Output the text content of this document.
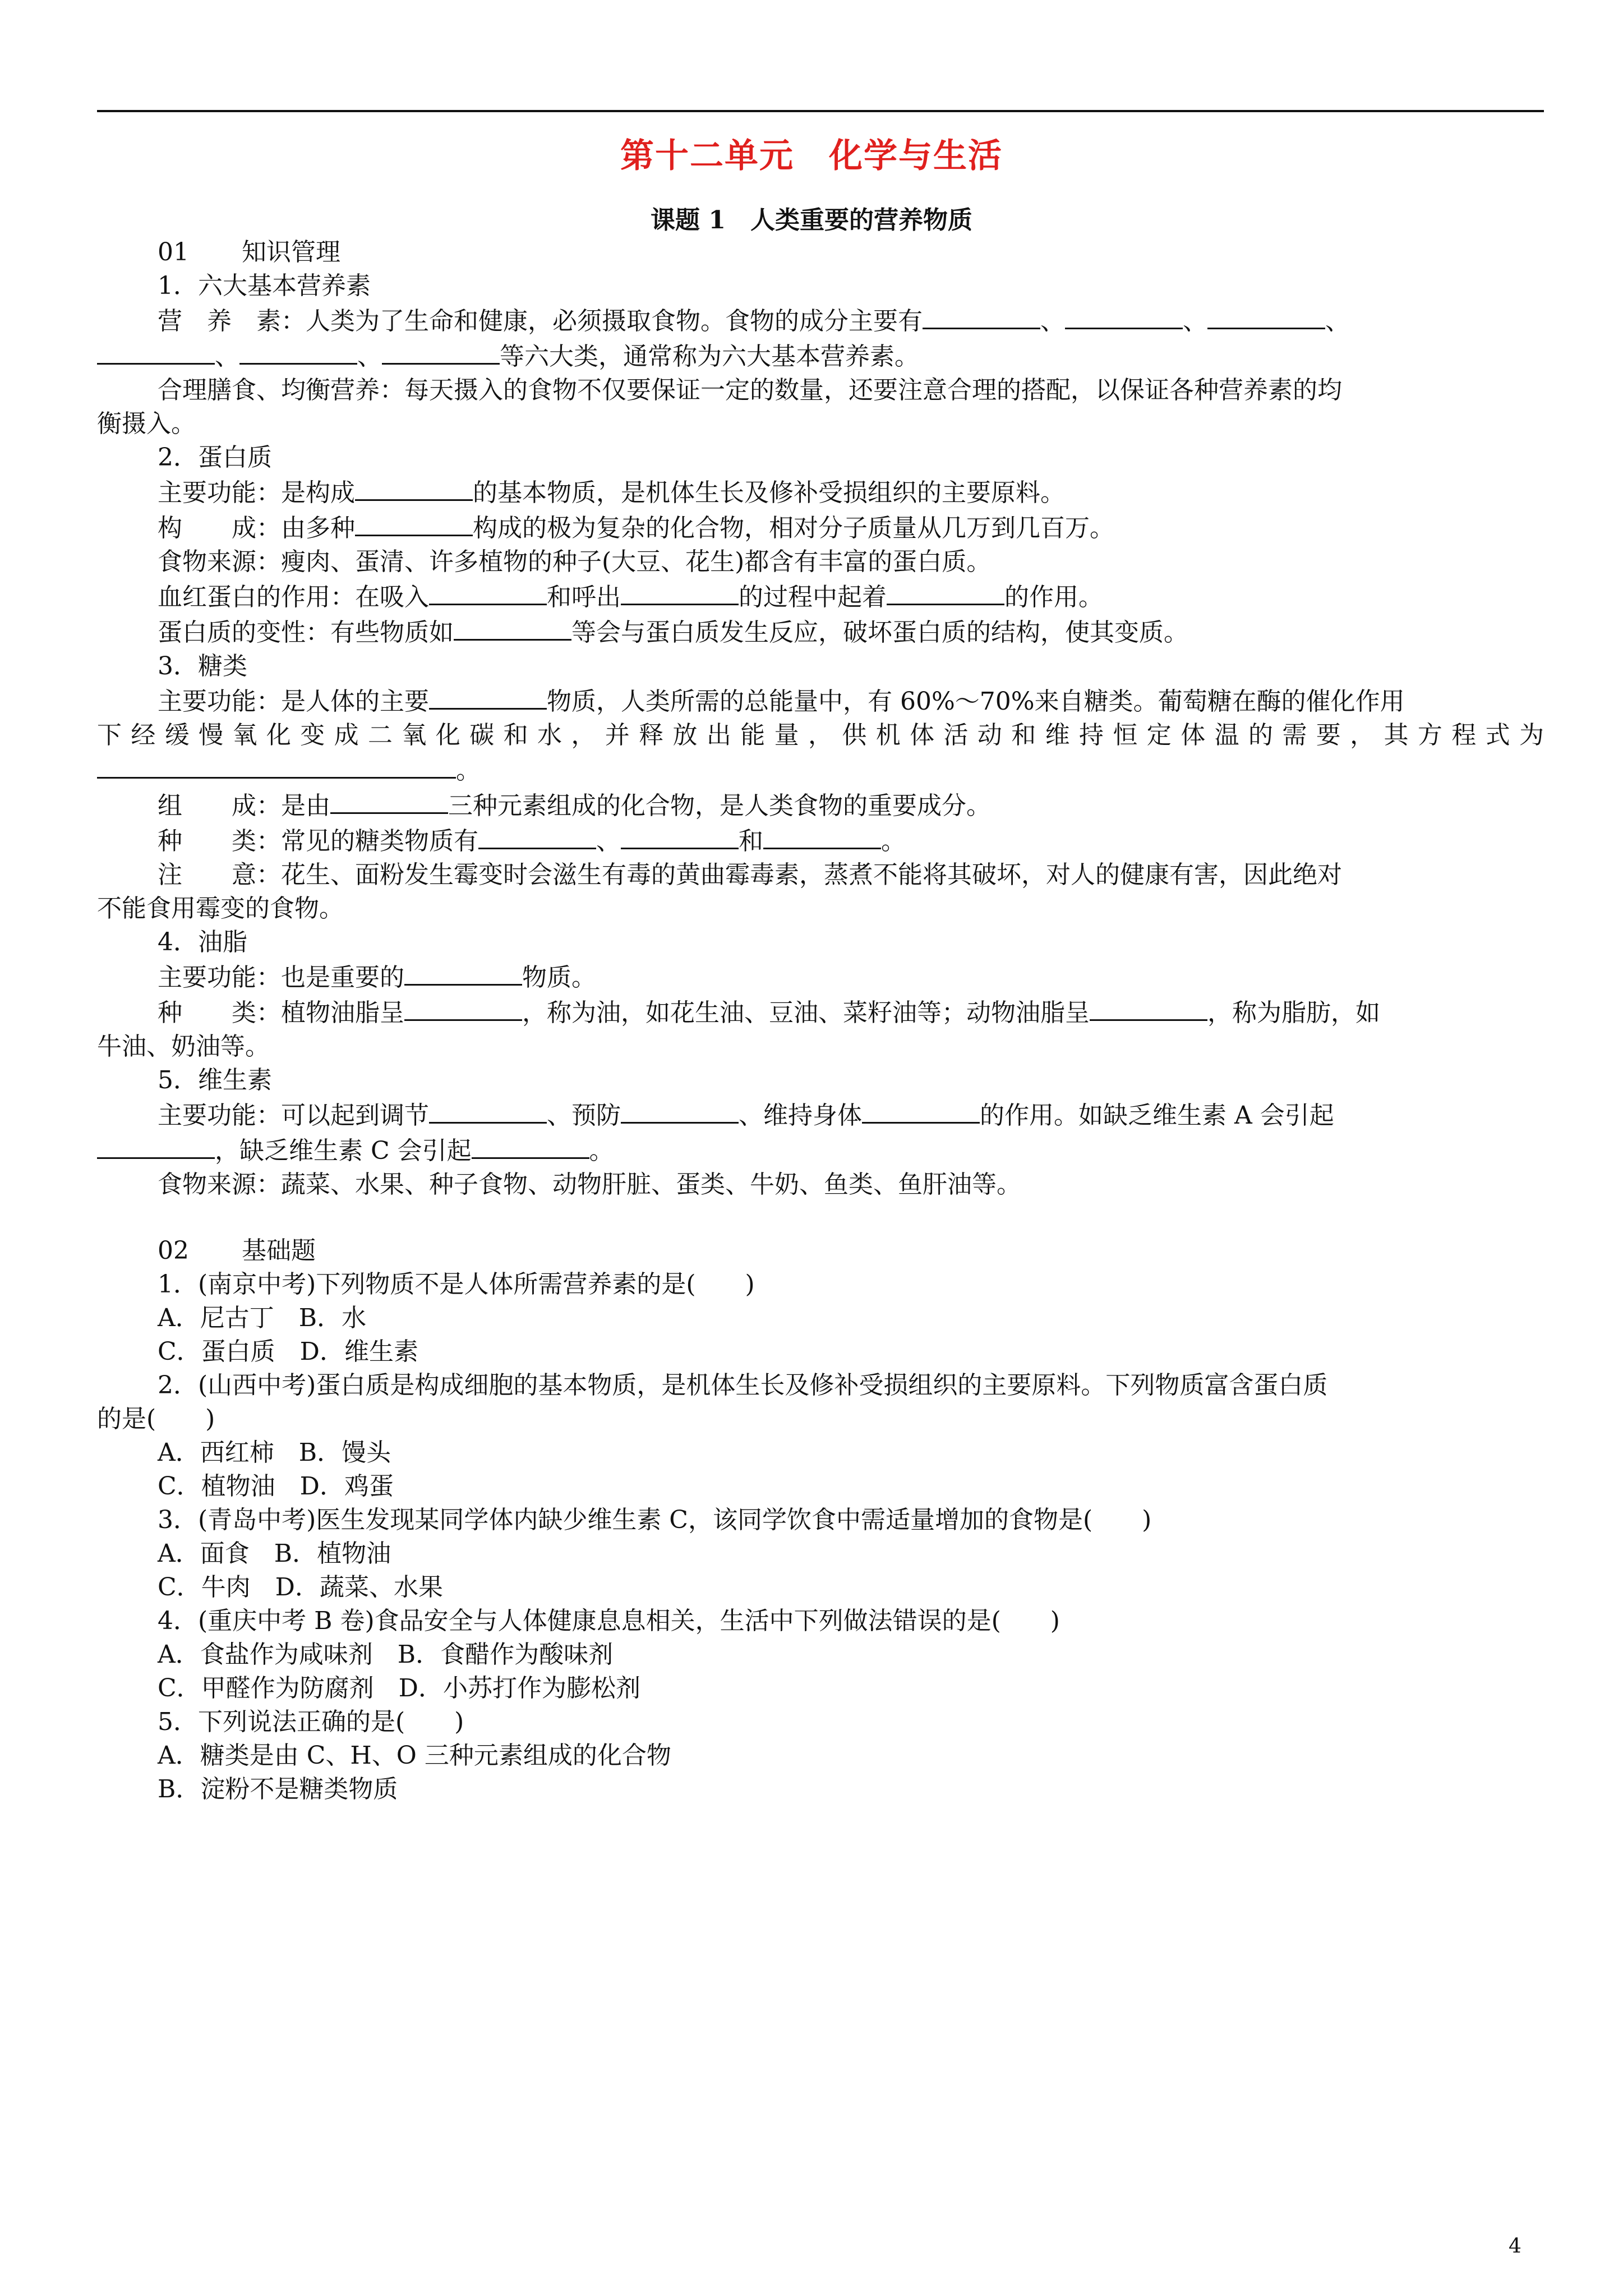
第十二单元　化学与生活
课题 1　人类重要的营养物质

01 知识管理

1．六大基本营养素

营　养　素：人类为了生命和健康，必须摄取食物。食物的成分主要有	、	、	、

、	、	等六大类，通常称为六大基本营养素。

合理膳食、均衡营养：每天摄入的食物不仅要保证一定的数量，还要注意合理的搭配，以保证各种营养素的均

衡摄入。

2．蛋白质

主要功能：是构成	的基本物质，是机体生长及修补受损组织的主要原料。

构　　成：由多种	构成的极为复杂的化合物，相对分子质量从几万到几百万。

食物来源：瘦肉、蛋清、许多植物的种子(大豆、花生)都含有丰富的蛋白质。

血红蛋白的作用：在吸入	和呼出	的过程中起着	的作用。

蛋白质的变性：有些物质如	等会与蛋白质发生反应，破坏蛋白质的结构，使其变质。

3．糖类

主要功能：是人体的主要	物质，人类所需的总能量中，有 60%～70%来自糖类。葡萄糖在酶的催化作用

下经缓慢氧化变成二氧化碳和水，并释放出能量，供机体活动和维持恒定体温的需要，其方程式为

。

组　　成：是由	三种元素组成的化合物，是人类食物的重要成分。

种　　类：常见的糖类物质有	、	和	。

注　　意：花生、面粉发生霉变时会滋生有毒的黄曲霉毒素，蒸煮不能将其破坏，对人的健康有害，因此绝对

不能食用霉变的食物。

4．油脂

主要功能：也是重要的	物质。

种　　类：植物油脂呈	，称为油，如花生油、豆油、菜籽油等；动物油脂呈	，称为脂肪，如

牛油、奶油等。

5．维生素

主要功能：可以起到调节	、预防	、维持身体	的作用。如缺乏维生素 A 会引起

，缺乏维生素 C 会引起	。

食物来源：蔬菜、水果、种子食物、动物肝脏、蛋类、牛奶、鱼类、鱼肝油等。

02 基础题

1．(南京中考)下列物质不是人体所需营养素的是(　　)

A．尼古丁　B．水

C．蛋白质　D．维生素

2．(山西中考)蛋白质是构成细胞的基本物质，是机体生长及修补受损组织的主要原料。下列物质富含蛋白质

的是(　　)

A．西红柿　B．馒头

C．植物油　D．鸡蛋

3．(青岛中考)医生发现某同学体内缺少维生素 C，该同学饮食中需适量增加的食物是(　　)

A．面食　B．植物油

C．牛肉　D．蔬菜、水果

4．(重庆中考 B 卷)食品安全与人体健康息息相关，生活中下列做法错误的是(　　)

A．食盐作为咸味剂　B．食醋作为酸味剂

C．甲醛作为防腐剂　D．小苏打作为膨松剂

5．下列说法正确的是(　　)

A．糖类是由 C、H、O 三种元素组成的化合物

B．淀粉不是糖类物质

4
